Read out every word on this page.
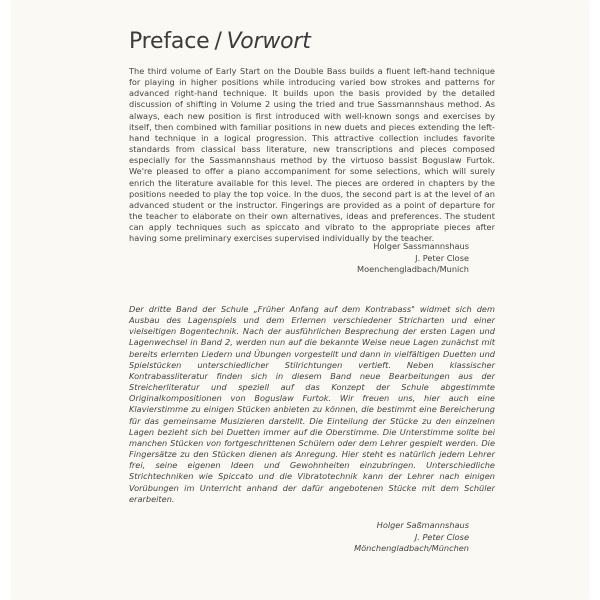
Preface / Vorwort
The third volume of Early Start on the Double Bass builds a fluent left-hand technique for playing in higher positions while introducing varied bow strokes and patterns for advanced right-hand technique. It builds upon the basis provided by the detailed discussion of shifting in Volume 2 using the tried and true Sassmannshaus method. As always, each new position is first introduced with well-known songs and exercises by itself, then combined with familiar positions in new duets and pieces extending the left-hand technique in a logical progression. This attractive collection includes favorite standards from classical bass literature, new transcriptions and pieces composed especially for the Sassmannshaus method by the virtuoso bassist Boguslaw Furtok. We're pleased to offer a piano accompaniment for some selections, which will surely enrich the literature available for this level. The pieces are ordered in chapters by the positions needed to play the top voice. In the duos, the second part is at the level of an advanced student or the instructor. Fingerings are provided as a point of departure for the teacher to elaborate on their own alternatives, ideas and preferences. The student can apply techniques such as spiccato and vibrato to the appropriate pieces after having some preliminary exercises supervised individually by the teacher.
Holger Sassmannshaus
J. Peter Close
Moenchengladbach/Munich
Der dritte Band der Schule „Früher Anfang auf dem Kontrabass" widmet sich dem Ausbau des Lagenspiels und dem Erlernen verschiedener Stricharten und einer vielseitigen Bogentechnik. Nach der ausführlichen Besprechung der ersten Lagen und Lagenwechsel in Band 2, werden nun auf die bekannte Weise neue Lagen zunächst mit bereits erlernten Liedern und Übungen vorgestellt und dann in vielfältigen Duetten und Spielstücken unterschiedlicher Stilrichtungen vertieft. Neben klassischer Kontrabassliteratur finden sich in diesem Band neue Bearbeitungen aus der Streicherliteratur und speziell auf das Konzept der Schule abgestimmte Originalkompositionen von Boguslaw Furtok. Wir freuen uns, hier auch eine Klavierstimme zu einigen Stücken anbieten zu können, die bestimmt eine Bereicherung für das gemeinsame Musizieren darstellt. Die Einteilung der Stücke zu den einzelnen Lagen bezieht sich bei Duetten immer auf die Oberstimme. Die Unterstimme sollte bei manchen Stücken von fortgeschrittenen Schülern oder dem Lehrer gespielt werden. Die Fingersätze zu den Stücken dienen als Anregung. Hier steht es natürlich jedem Lehrer frei, seine eigenen Ideen und Gewohnheiten einzubringen. Unterschiedliche Strichtechniken wie Spiccato und die Vibratotechnik kann der Lehrer nach einigen Vorübungen im Unterricht anhand der dafür angebotenen Stücke mit dem Schüler erarbeiten.
Holger Saßmannshaus
J. Peter Close
Mönchengladbach/München
